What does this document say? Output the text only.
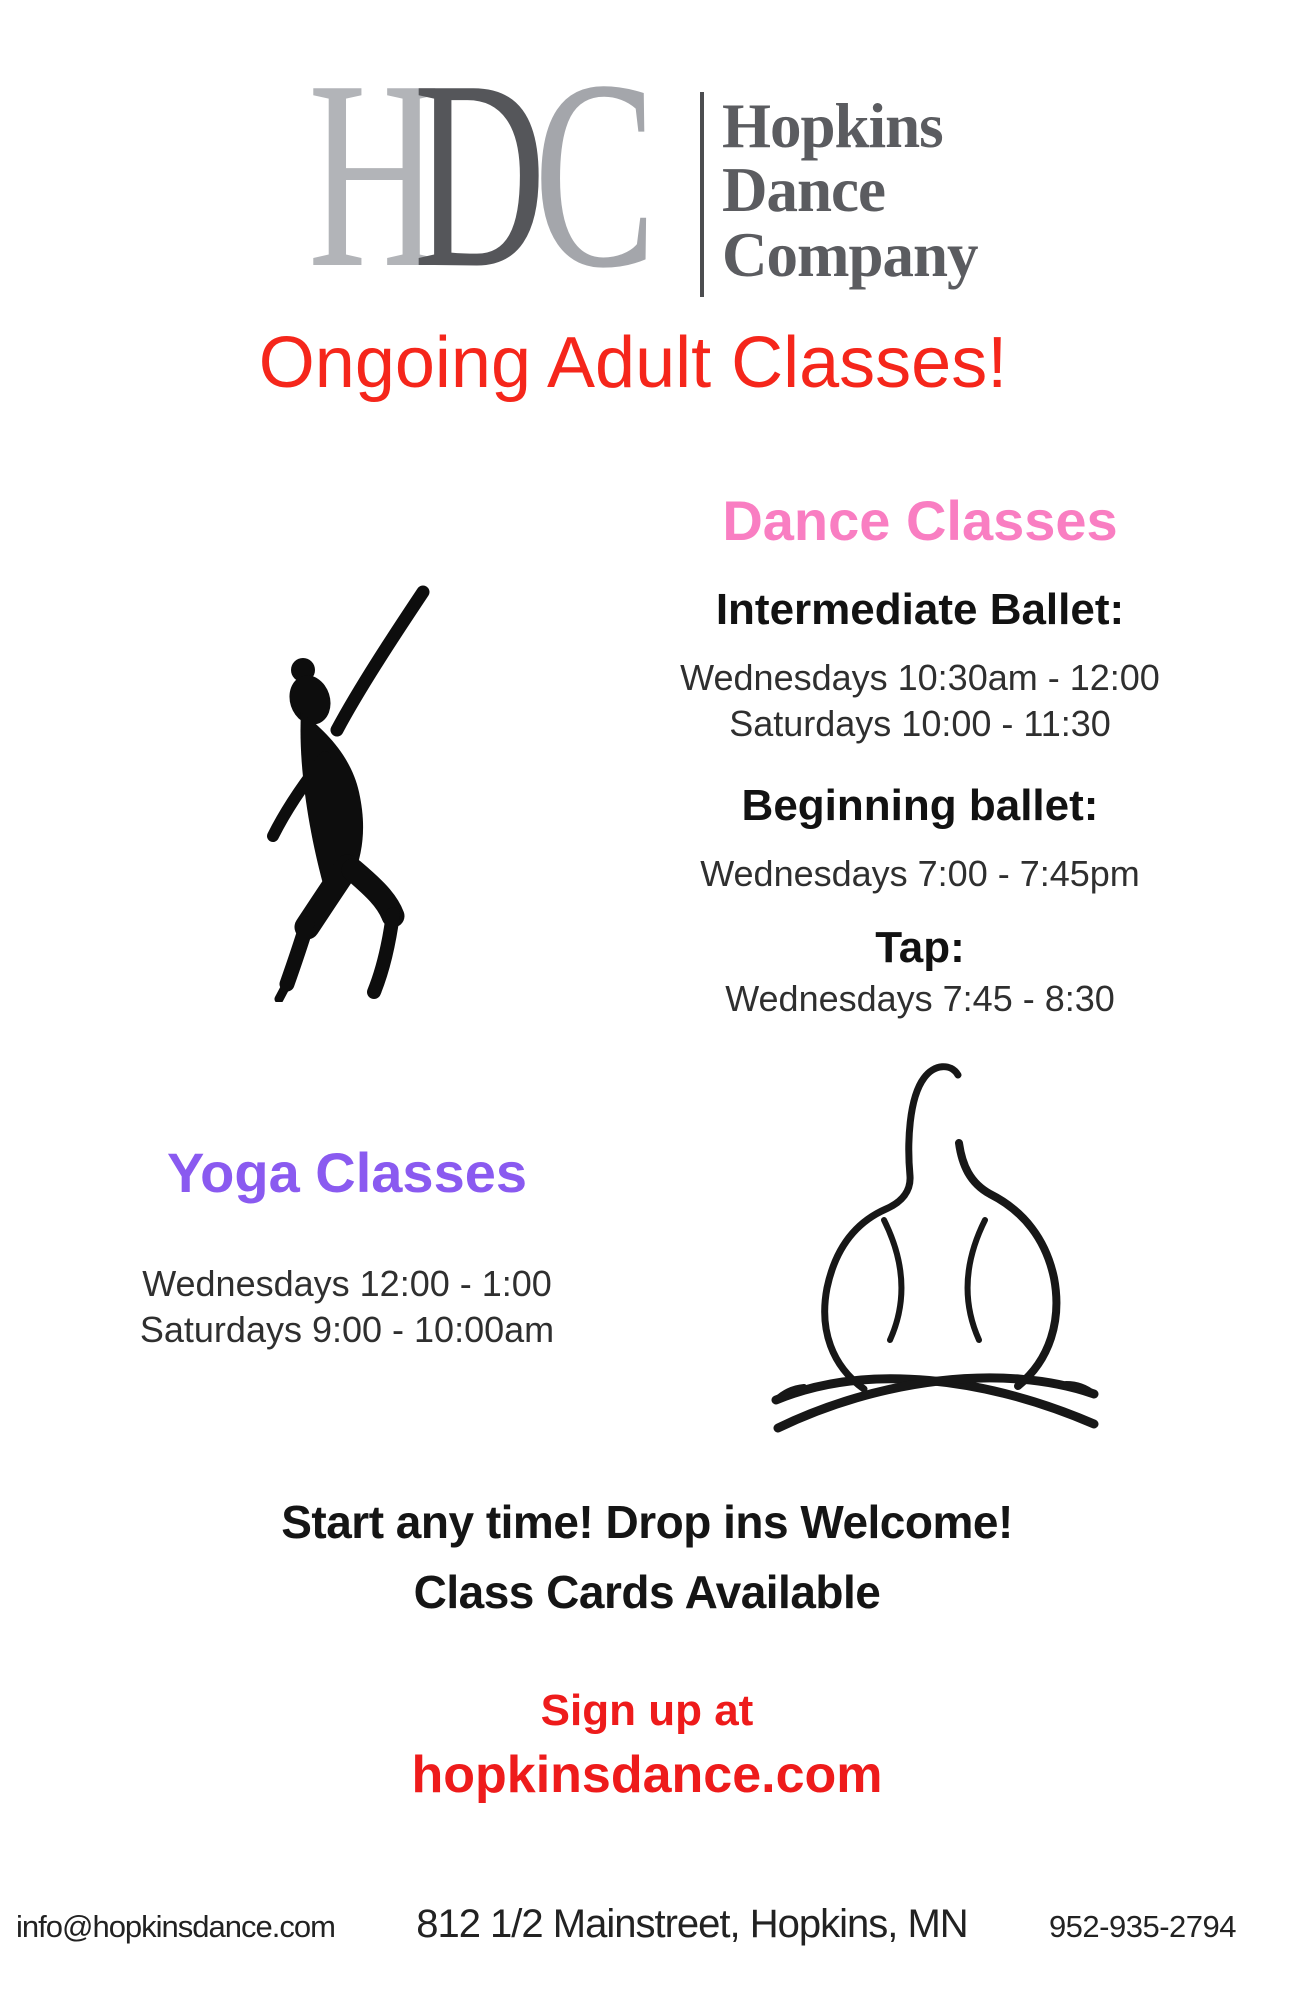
HDC Hopkins
Dance
Company
Ongoing Adult Classes!
Dance Classes
Intermediate Ballet:
Wednesdays 10:30am - 12:00
Saturdays 10:00 - 11:30
Beginning ballet:
Wednesdays 7:00 - 7:45pm
Tap:
Wednesdays 7:45 - 8:30
Yoga Classes
Wednesdays 12:00 - 1:00
Saturdays 9:00 - 10:00am
Start any time! Drop ins Welcome!
Class Cards Available
Sign up at
hopkinsdance.com
info@hopkinsdance.com 812 1/2 Mainstreet, Hopkins, MN	952-935-2794
